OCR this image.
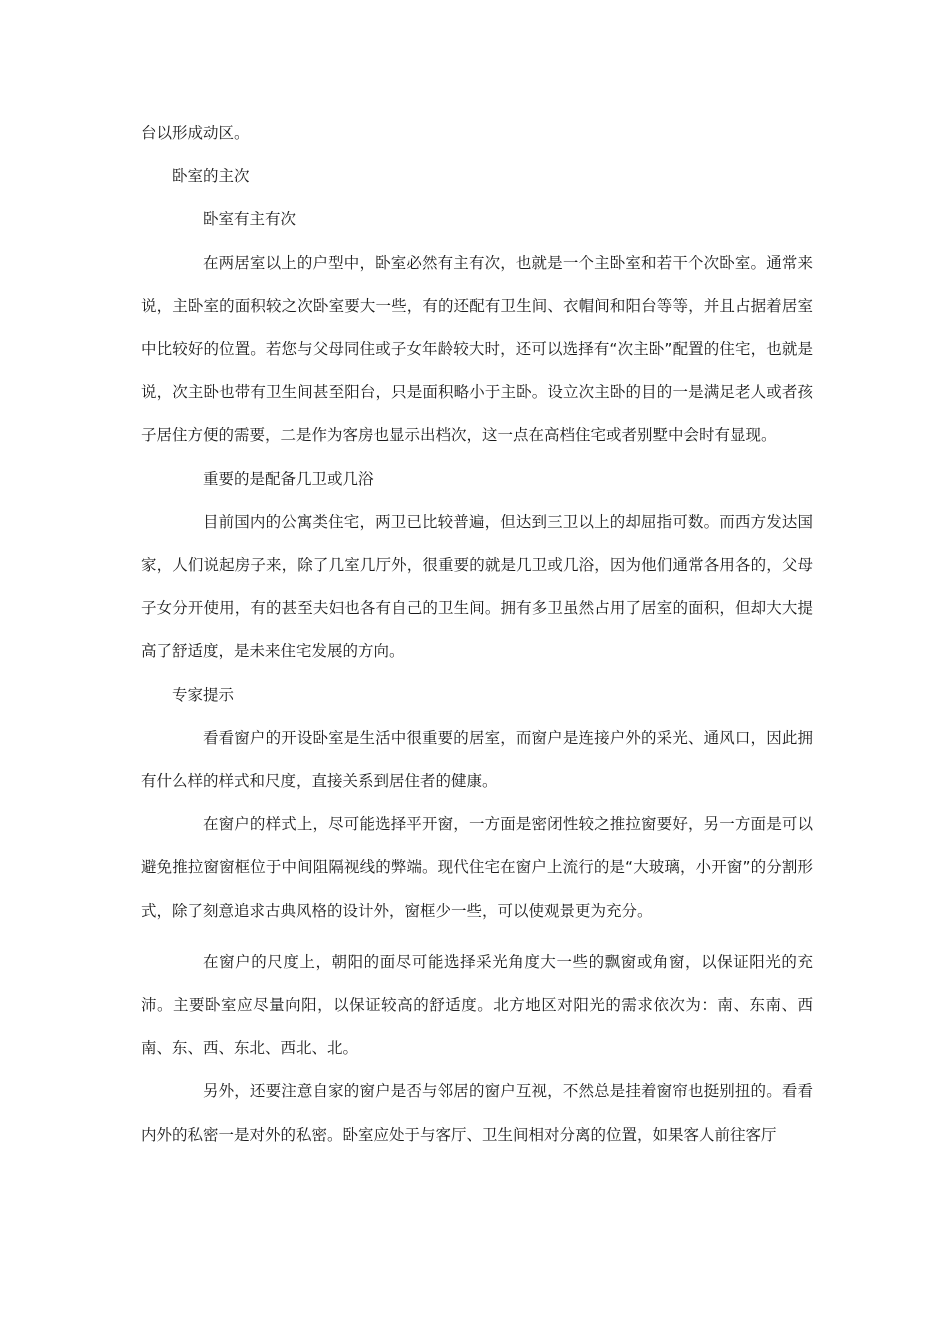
台以形成动区。

卧室的主次

卧室有主有次

在两居室以上的户型中，卧室必然有主有次，也就是一个主卧室和若干个次卧室。通常来说，主卧室的面积较之次卧室要大一些，有的还配有卫生间、衣帽间和阳台等等，并且占据着居室中比较好的位置。若您与父母同住或子女年龄较大时，还可以选择有“次主卧”配置的住宅，也就是说，次主卧也带有卫生间甚至阳台，只是面积略小于主卧。设立次主卧的目的一是满足老人或者孩子居住方便的需要，二是作为客房也显示出档次，这一点在高档住宅或者别墅中会时有显现。

重要的是配备几卫或几浴

目前国内的公寓类住宅，两卫已比较普遍，但达到三卫以上的却屈指可数。而西方发达国家，人们说起房子来，除了几室几厅外，很重要的就是几卫或几浴，因为他们通常各用各的，父母子女分开使用，有的甚至夫妇也各有自己的卫生间。拥有多卫虽然占用了居室的面积，但却大大提高了舒适度，是未来住宅发展的方向。

专家提示

看看窗户的开设卧室是生活中很重要的居室，而窗户是连接户外的采光、通风口，因此拥有什么样的样式和尺度，直接关系到居住者的健康。

在窗户的样式上，尽可能选择平开窗，一方面是密闭性较之推拉窗要好，另一方面是可以避免推拉窗窗框位于中间阻隔视线的弊端。现代住宅在窗户上流行的是“大玻璃，小开窗”的分割形式，除了刻意追求古典风格的设计外，窗框少一些，可以使观景更为充分。

在窗户的尺度上，朝阳的面尽可能选择采光角度大一些的飘窗或角窗，以保证阳光的充沛。主要卧室应尽量向阳，以保证较高的舒适度。北方地区对阳光的需求依次为：南、东南、西南、东、西、东北、西北、北。

另外，还要注意自家的窗户是否与邻居的窗户互视，不然总是挂着窗帘也挺别扭的。看看内外的私密一是对外的私密。卧室应处于与客厅、卫生间相对分离的位置，如果客人前往客厅
